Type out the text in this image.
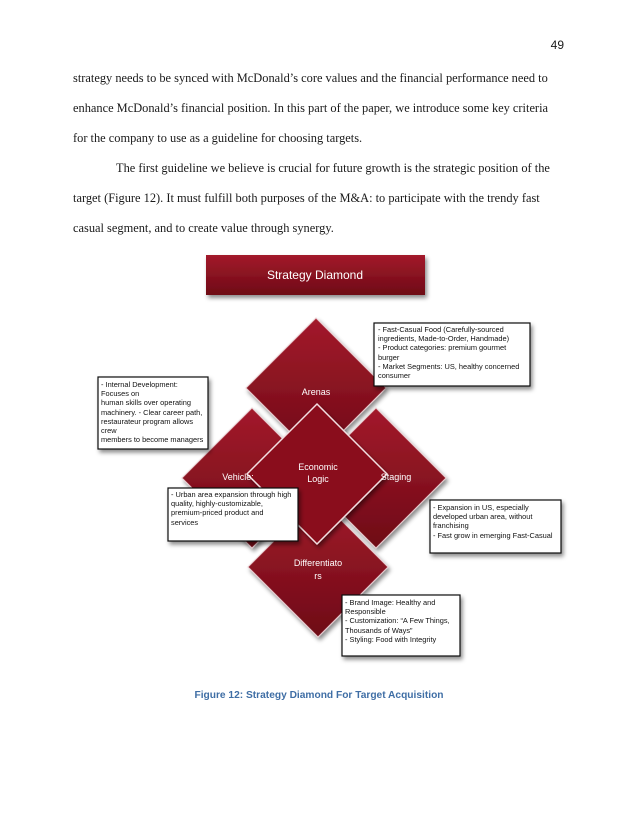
49
strategy needs to be synced with McDonald’s core values and the financial performance need to
enhance McDonald’s financial position. In this part of the paper, we introduce some key criteria
for the company to use as a guideline for choosing targets.
The first guideline we believe is crucial for future growth is the strategic position of the
target (Figure 12). It must fulfill both purposes of the M&A: to participate with the trendy fast
casual segment, and to create value through synergy.
Strategy Diamond
Arenas
Vehicle:	Staging
Economic
Logic
Differentiato
rs
- Fast-Casual Food (Carefully-sourced
ingredients, Made-to-Order, Handmade)
- Product categories: premium gourmet
burger
- Market Segments: US, healthy concerned
consumer
- Internal Development: Focuses on
human skills over operating
machinery. - Clear career path,
restaurateur program allows crew
members to become managers
- Urban area expansion through high
quality, highly-customizable,
premium-priced product and
services
- Expansion in US, especially
developed urban area, without
franchising
- Fast grow in emerging Fast-Casual
- Brand Image: Healthy and
Responsible
- Customization: “A Few Things,
Thousands of Ways”
- Styling: Food with Integrity
Figure 12: Strategy Diamond For Target Acquisition
